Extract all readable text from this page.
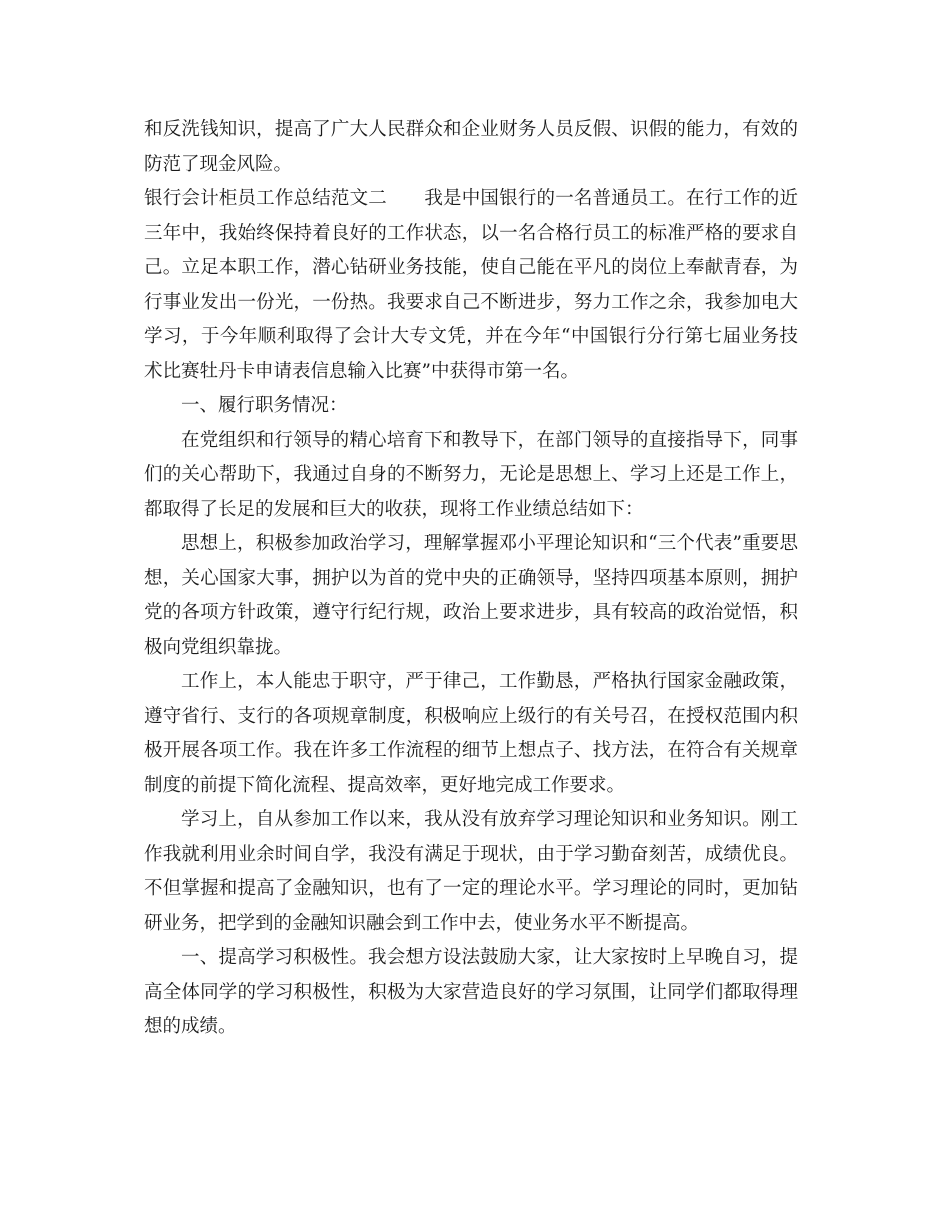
和反洗钱知识，提高了广大人民群众和企业财务人员反假、识假的能力，有效的防范了现金风险。

银行会计柜员工作总结范文二　　我是中国银行的一名普通员工。在行工作的近三年中，我始终保持着良好的工作状态，以一名合格行员工的标准严格的要求自己。立足本职工作，潜心钻研业务技能，使自己能在平凡的岗位上奉献青春，为行事业发出一份光，一份热。我要求自己不断进步，努力工作之余，我参加电大学习，于今年顺利取得了会计大专文凭，并在今年“中国银行分行第七届业务技术比赛牡丹卡申请表信息输入比赛”中获得市第一名。

一、履行职务情况：

在党组织和行领导的精心培育下和教导下，在部门领导的直接指导下，同事们的关心帮助下，我通过自身的不断努力，无论是思想上、学习上还是工作上，都取得了长足的发展和巨大的收获，现将工作业绩总结如下：

思想上，积极参加政治学习，理解掌握邓小平理论知识和“三个代表”重要思想，关心国家大事，拥护以为首的党中央的正确领导，坚持四项基本原则，拥护党的各项方针政策，遵守行纪行规，政治上要求进步，具有较高的政治觉悟，积极向党组织靠拢。

工作上，本人能忠于职守，严于律己，工作勤恳，严格执行国家金融政策，遵守省行、支行的各项规章制度，积极响应上级行的有关号召，在授权范围内积极开展各项工作。我在许多工作流程的细节上想点子、找方法，在符合有关规章制度的前提下简化流程、提高效率，更好地完成工作要求。

学习上，自从参加工作以来，我从没有放弃学习理论知识和业务知识。刚工作我就利用业余时间自学，我没有满足于现状，由于学习勤奋刻苦，成绩优良。不但掌握和提高了金融知识，也有了一定的理论水平。学习理论的同时，更加钻研业务，把学到的金融知识融会到工作中去，使业务水平不断提高。

一、提高学习积极性。我会想方设法鼓励大家，让大家按时上早晚自习，提高全体同学的学习积极性，积极为大家营造良好的学习氛围，让同学们都取得理想的成绩。
